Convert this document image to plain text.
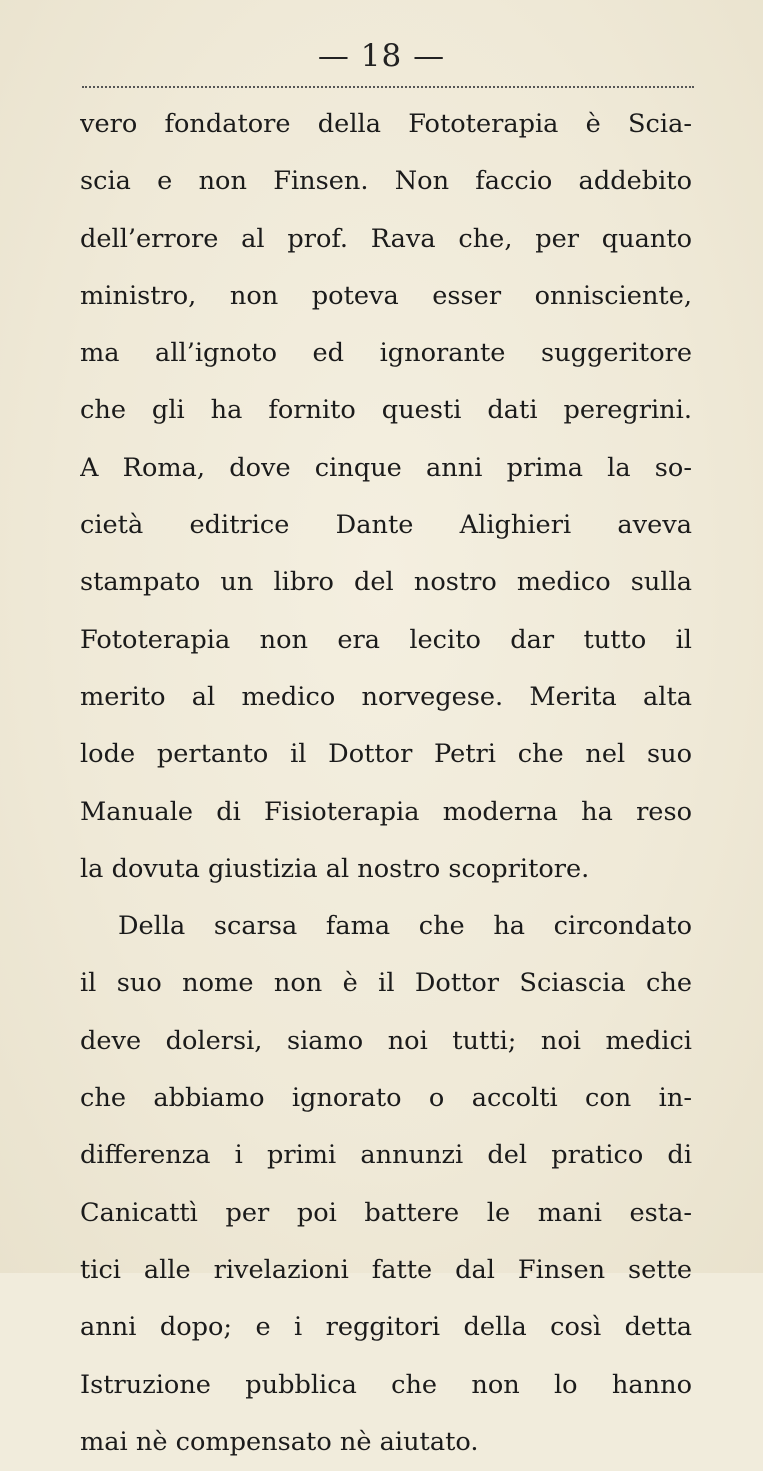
— 18 —
vero fondatore della Fototerapia è Scia-
scia e non Finsen. Non faccio addebito
dell’errore al prof. Rava che, per quanto
ministro, non poteva esser onnisciente,
ma all’ignoto ed ignorante suggeritore
che gli ha fornito questi dati peregrini.
A Roma, dove cinque anni prima la so-
cietà editrice Dante Alighieri aveva
stampato un libro del nostro medico sulla
Fototerapia non era lecito dar tutto il
merito al medico norvegese. Merita alta
lode pertanto il Dottor Petri che nel suo
Manuale di Fisioterapia moderna ha reso
la dovuta giustizia al nostro scopritore.
Della scarsa fama che ha circondato
il suo nome non è il Dottor Sciascia che
deve dolersi, siamo noi tutti; noi medici
che abbiamo ignorato o accolti con in-
differenza i primi annunzi del pratico di
Canicattì per poi battere le mani esta-
tici alle rivelazioni fatte dal Finsen sette
anni dopo; e i reggitori della così detta
Istruzione pubblica che non lo hanno
mai nè compensato nè aiutato.
